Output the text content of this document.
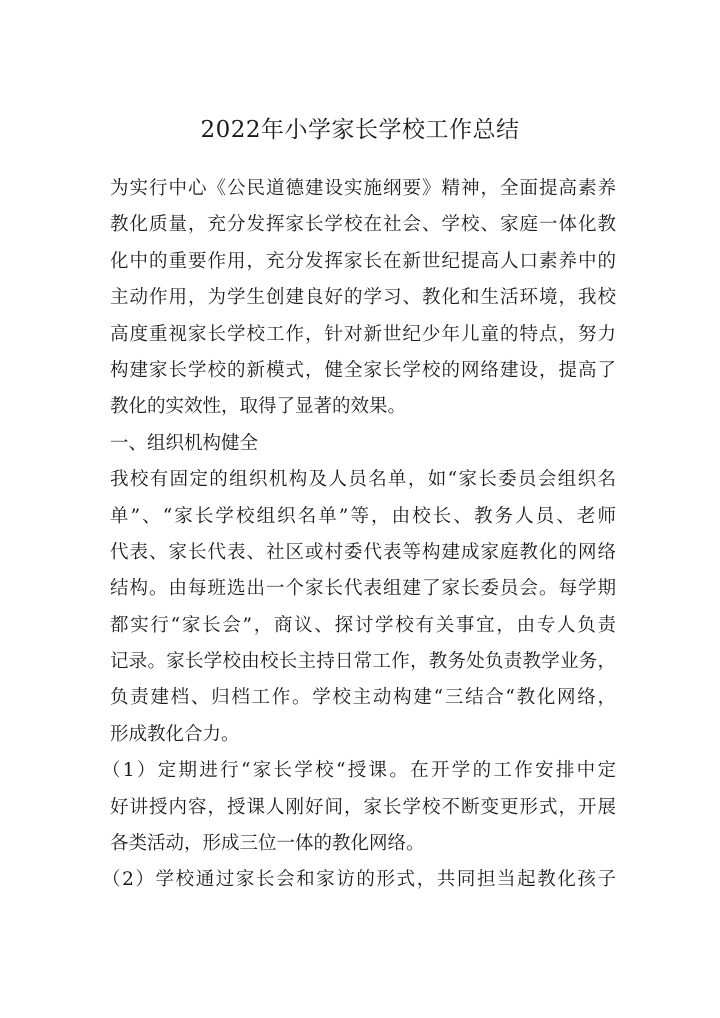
2022年小学家长学校工作总结
为实行中心《公民道德建设实施纲要》精神，全面提高素养
教化质量，充分发挥家长学校在社会、学校、家庭一体化教
化中的重要作用，充分发挥家长在新世纪提高人口素养中的
主动作用，为学生创建良好的学习、教化和生活环境，我校
高度重视家长学校工作，针对新世纪少年儿童的特点，努力
构建家长学校的新模式，健全家长学校的网络建设，提高了
教化的实效性，取得了显著的效果。
一、组织机构健全
我校有固定的组织机构及人员名单，如“家长委员会组织名
单”、“家长学校组织名单”等，由校长、教务人员、老师
代表、家长代表、社区或村委代表等构建成家庭教化的网络
结构。由每班选出一个家长代表组建了家长委员会。每学期
都实行“家长会”，商议、探讨学校有关事宜，由专人负责
记录。家长学校由校长主持日常工作，教务处负责教学业务，
负责建档、归档工作。学校主动构建“三结合“教化网络，
形成教化合力。
（1）定期进行“家长学校“授课。在开学的工作安排中定
好讲授内容，授课人刚好间，家长学校不断变更形式，开展
各类活动，形成三位一体的教化网络。
（2）学校通过家长会和家访的形式，共同担当起教化孩子
